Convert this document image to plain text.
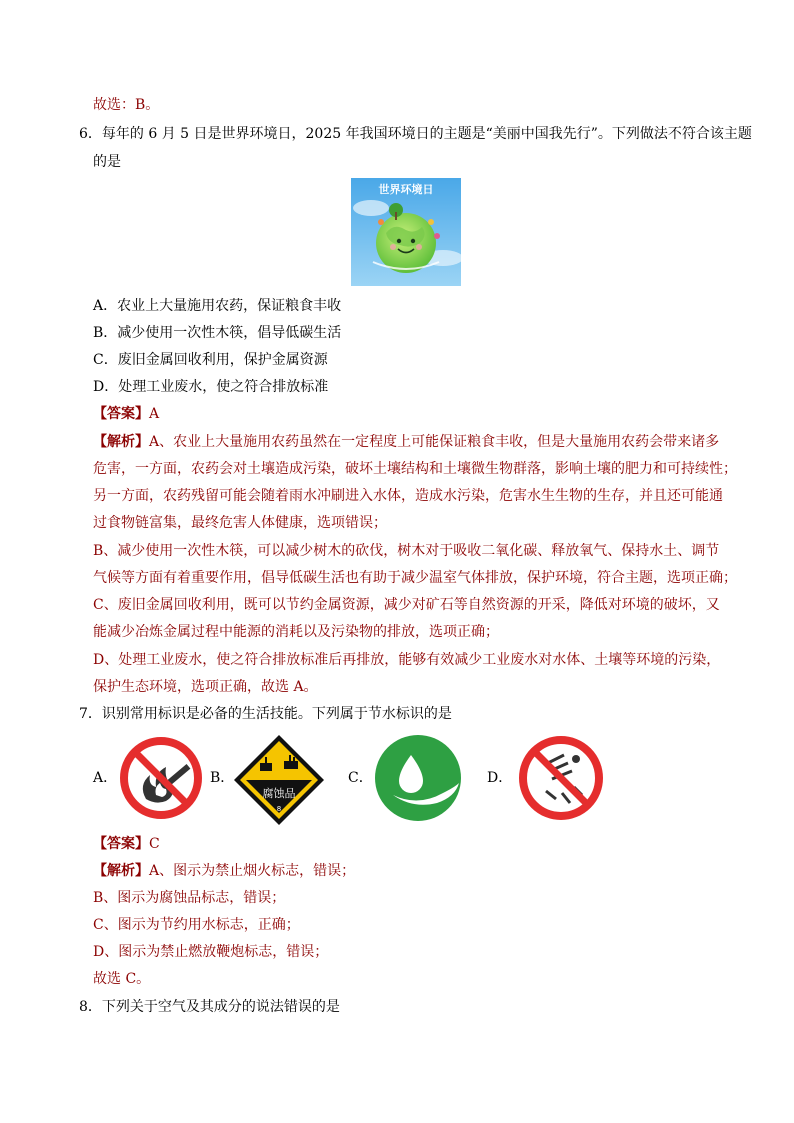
故选：B。
6．每年的 6 月 5 日是世界环境日，2025 年我国环境日的主题是“美丽中国我先行”。下列做法不符合该主题
的是
世界环境日
A．农业上大量施用农药，保证粮食丰收
B．减少使用一次性木筷，倡导低碳生活
C．废旧金属回收利用，保护金属资源
D．处理工业废水，使之符合排放标准
【答案】A
【解析】A、农业上大量施用农药虽然在一定程度上可能保证粮食丰收，但是大量施用农药会带来诸多
危害，一方面，农药会对土壤造成污染，破坏土壤结构和土壤微生物群落，影响土壤的肥力和可持续性；
另一方面，农药残留可能会随着雨水冲刷进入水体，造成水污染，危害水生生物的生存，并且还可能通
过食物链富集，最终危害人体健康，选项错误；
B、减少使用一次性木筷，可以减少树木的砍伐，树木对于吸收二氧化碳、释放氧气、保持水土、调节
气候等方面有着重要作用，倡导低碳生活也有助于减少温室气体排放，保护环境，符合主题，选项正确；
C、废旧金属回收利用，既可以节约金属资源，减少对矿石等自然资源的开采，降低对环境的破坏，又
能减少冶炼金属过程中能源的消耗以及污染物的排放，选项正确；
D、处理工业废水，使之符合排放标准后再排放，能够有效减少工业废水对水体、土壤等环境的污染，
保护生态环境，选项正确，故选 A。
7．识别常用标识是必备的生活技能。下列属于节水标识的是
A．	B．
腐蚀品
8
C．	D．
【答案】C
【解析】A、图示为禁止烟火标志，错误；
B、图示为腐蚀品标志，错误；
C、图示为节约用水标志，正确；
D、图示为禁止燃放鞭炮标志，错误；
故选 C。
8．下列关于空气及其成分的说法错误的是
